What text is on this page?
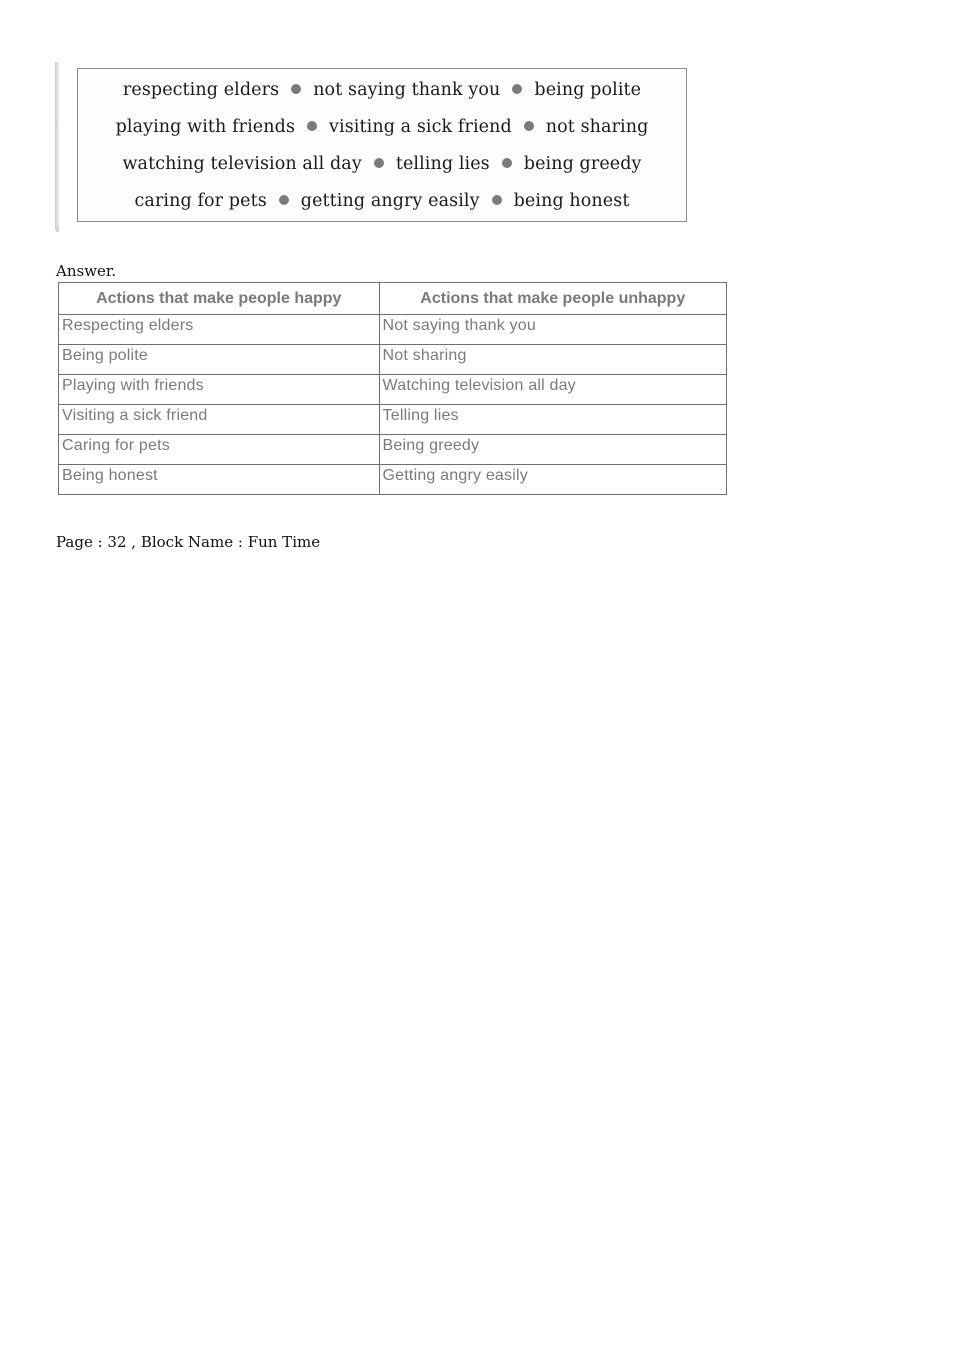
respecting elders not saying thank you being polite
playing with friends visiting a sick friend not sharing
watching television all day telling lies being greedy
caring for pets getting angry easily being honest
Answer.
Actions that make people happy	Actions that make people unhappy
Respecting elders	Not saying thank you
Being polite	Not sharing
Playing with friends	Watching television all day
Visiting a sick friend	Telling lies
Caring for pets	Being greedy
Being honest	Getting angry easily
Page : 32 , Block Name : Fun Time
